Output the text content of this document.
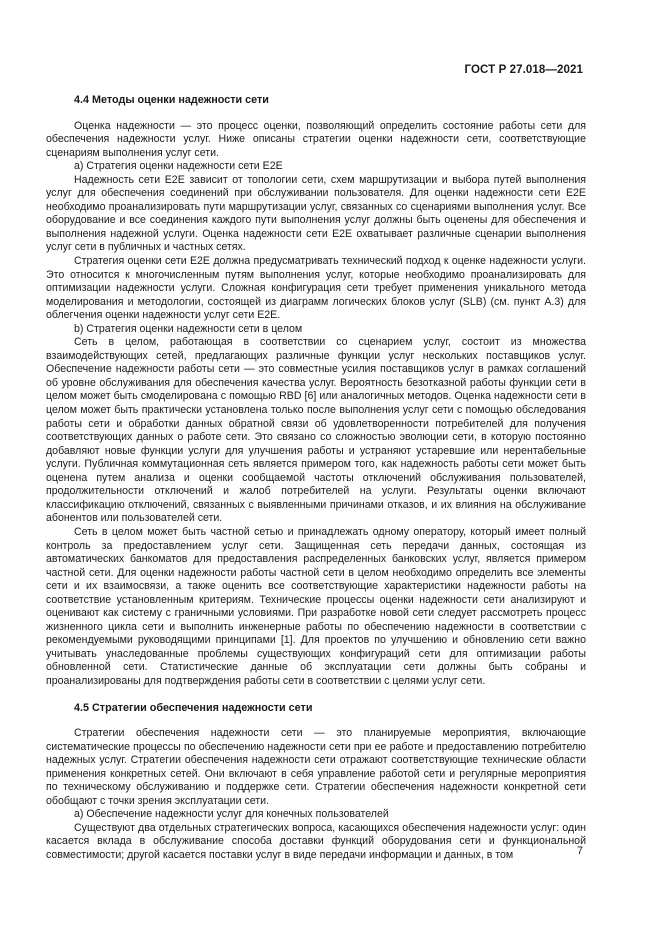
ГОСТ Р 27.018—2021

4.4 Методы оценки надежности сети

Оценка надежности — это процесс оценки, позволяющий определить состояние работы сети для обеспечения надежности услуг. Ниже описаны стратегии оценки надежности сети, соответствующие сценариям выполнения услуг сети.

a) Стратегия оценки надежности сети E2E

Надежность сети E2E зависит от топологии сети, схем маршрутизации и выбора путей выполнения услуг для обеспечения соединений при обслуживании пользователя. Для оценки надежности сети E2E необходимо проанализировать пути маршрутизации услуг, связанных со сценариями выполнения услуг. Все оборудование и все соединения каждого пути выполнения услуг должны быть оценены для обеспечения и выполнения надежной услуги. Оценка надежности сети E2E охватывает различные сценарии выполнения услуг сети в публичных и частных сетях.

Стратегия оценки сети E2E должна предусматривать технический подход к оценке надежности услуги. Это относится к многочисленным путям выполнения услуг, которые необходимо проанализировать для оптимизации надежности услуги. Сложная конфигурация сети требует применения уникального метода моделирования и методологии, состоящей из диаграмм логических блоков услуг (SLB) (см. пункт А.3) для облегчения оценки надежности услуг сети E2E.

b) Стратегия оценки надежности сети в целом

Сеть в целом, работающая в соответствии со сценарием услуг, состоит из множества взаимодействующих сетей, предлагающих различные функции услуг нескольких поставщиков услуг. Обеспечение надежности работы сети — это совместные усилия поставщиков услуг в рамках соглашений об уровне обслуживания для обеспечения качества услуг. Вероятность безотказной работы функции сети в целом может быть смоделирована с помощью RBD [6] или аналогичных методов. Оценка надежности сети в целом может быть практически установлена только после выполнения услуг сети с помощью обследования работы сети и обработки данных обратной связи об удовлетворенности потребителей для получения соответствующих данных о работе сети. Это связано со сложностью эволюции сети, в которую постоянно добавляют новые функции услуги для улучшения работы и устраняют устаревшие или нерентабельные услуги. Публичная коммутационная сеть является примером того, как надежность работы сети может быть оценена путем анализа и оценки сообщаемой частоты отключений обслуживания пользователей, продолжительности отключений и жалоб потребителей на услуги. Результаты оценки включают классификацию отключений, связанных с выявленными причинами отказов, и их влияния на обслуживание абонентов или пользователей сети.

Сеть в целом может быть частной сетью и принадлежать одному оператору, который имеет полный контроль за предоставлением услуг сети. Защищенная сеть передачи данных, состоящая из автоматических банкоматов для предоставления распределенных банковских услуг, является примером частной сети. Для оценки надежности работы частной сети в целом необходимо определить все элементы сети и их взаимосвязи, а также оценить все соответствующие характеристики надежности работы на соответствие установленным критериям. Технические процессы оценки надежности сети анализируют и оценивают как систему с граничными условиями. При разработке новой сети следует рассмотреть процесс жизненного цикла сети и выполнить инженерные работы по обеспечению надежности в соответствии с рекомендуемыми руководящими принципами [1]. Для проектов по улучшению и обновлению сети важно учитывать унаследованные проблемы существующих конфигураций сети для оптимизации работы обновленной сети. Статистические данные об эксплуатации сети должны быть собраны и проанализированы для подтверждения работы сети в соответствии с целями услуг сети.

4.5 Стратегии обеспечения надежности сети

Стратегии обеспечения надежности сети — это планируемые мероприятия, включающие систематические процессы по обеспечению надежности сети при ее работе и предоставлению потребителю надежных услуг. Стратегии обеспечения надежности сети отражают соответствующие технические области применения конкретных сетей. Они включают в себя управление работой сети и регулярные мероприятия по техническому обслуживанию и поддержке сети. Стратегии обеспечения надежности конкретной сети обобщают с точки зрения эксплуатации сети.

a) Обеспечение надежности услуг для конечных пользователей

Существуют два отдельных стратегических вопроса, касающихся обеспечения надежности услуг: один касается вклада в обслуживание способа доставки функций оборудования сети и функциональной совместимости; другой касается поставки услуг в виде передачи информации и данных, в том	7
